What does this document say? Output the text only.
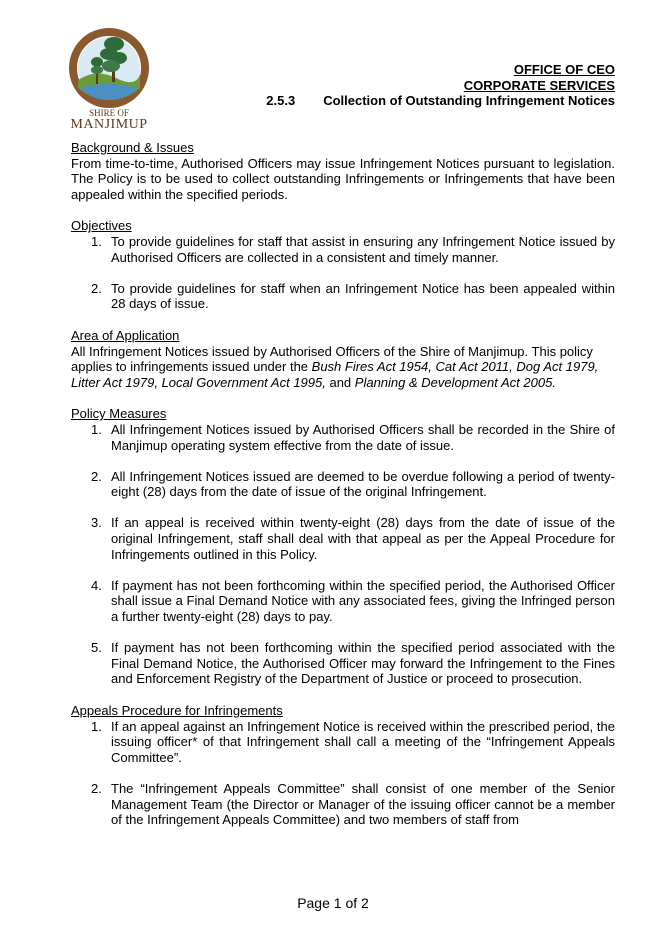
SHIRE OF
MANJIMUP
OFFICE OF CEO
CORPORATE SERVICES
2.5.3 Collection of Outstanding Infringement Notices
Background & Issues

From time-to-time, Authorised Officers may issue Infringement Notices pursuant to legislation. The Policy is to be used to collect outstanding Infringements or Infringements that have been appealed within the specified periods.

Objectives
1. To provide guidelines for staff that assist in ensuring any Infringement Notice issued by Authorised Officers are collected in a consistent and timely manner.
2. To provide guidelines for staff when an Infringement Notice has been appealed within 28 days of issue.
Area of Application

All Infringement Notices issued by Authorised Officers of the Shire of Manjimup. This policy applies to infringements issued under the Bush Fires Act 1954, Cat Act 2011, Dog Act 1979, Litter Act 1979, Local Government Act 1995, and Planning & Development Act 2005.

Policy Measures
1. All Infringement Notices issued by Authorised Officers shall be recorded in the Shire of Manjimup operating system effective from the date of issue.
2. All Infringement Notices issued are deemed to be overdue following a period of twenty-eight (28) days from the date of issue of the original Infringement.
3. If an appeal is received within twenty-eight (28) days from the date of issue of the original Infringement, staff shall deal with that appeal as per the Appeal Procedure for Infringements outlined in this Policy.
4. If payment has not been forthcoming within the specified period, the Authorised Officer shall issue a Final Demand Notice with any associated fees, giving the Infringed person a further twenty-eight (28) days to pay.
5. If payment has not been forthcoming within the specified period associated with the Final Demand Notice, the Authorised Officer may forward the Infringement to the Fines and Enforcement Registry of the Department of Justice or proceed to prosecution.
Appeals Procedure for Infringements
1. If an appeal against an Infringement Notice is received within the prescribed period, the issuing officer* of that Infringement shall call a meeting of the “Infringement Appeals Committee”.
2. The “Infringement Appeals Committee” shall consist of one member of the Senior Management Team (the Director or Manager of the issuing officer cannot be a member of the Infringement Appeals Committee) and two members of staff from
Page 1 of 2
